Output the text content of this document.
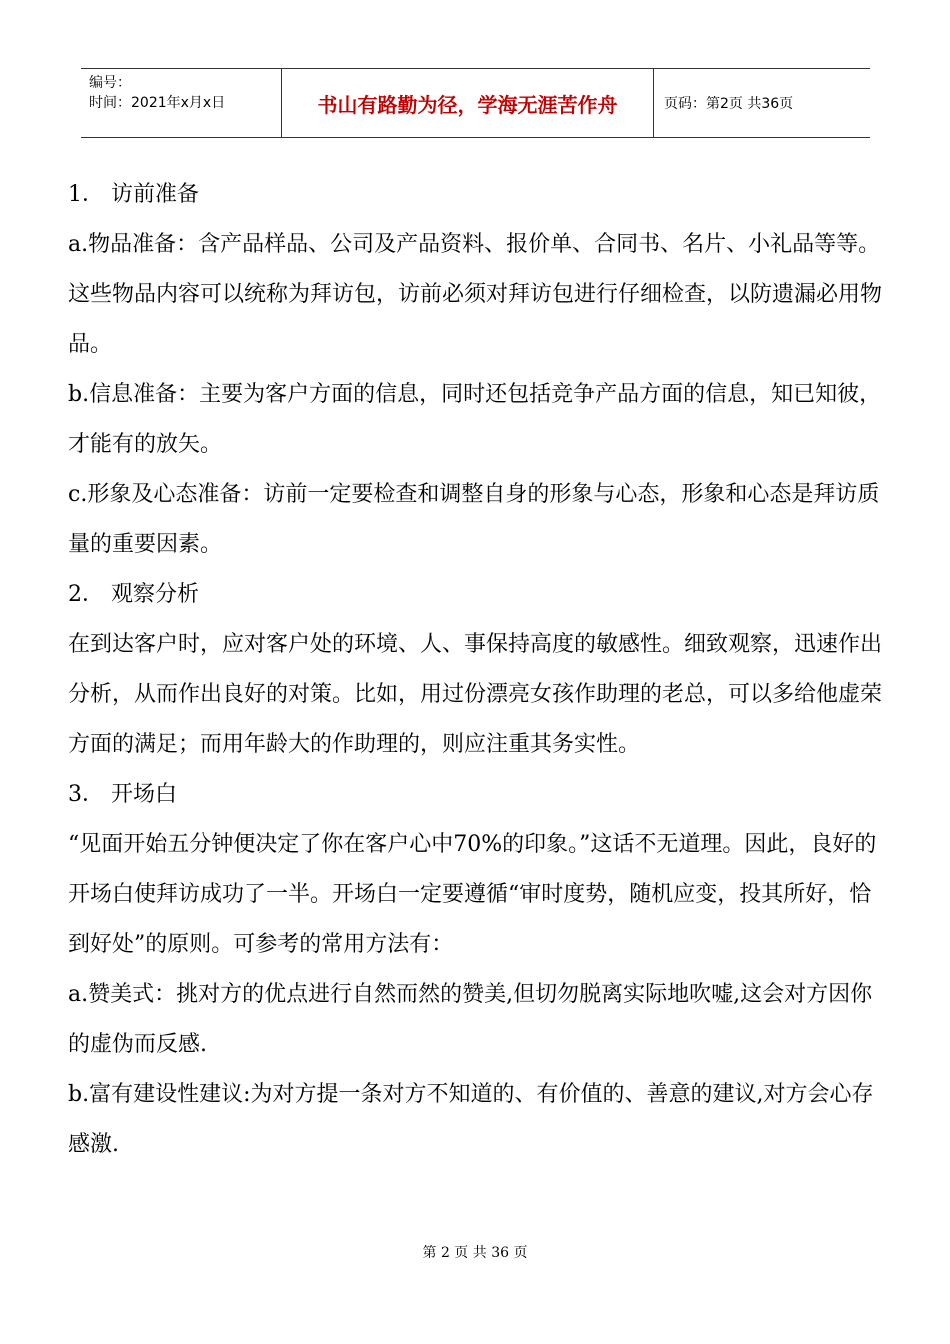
编号：
时间：2021年x月x日	书山有路勤为径，学海无涯苦作舟	页码：第2页 共36页

1． 访前准备

a.物品准备：含产品样品、公司及产品资料、报价单、合同书、名片、小礼品等等。这些物品内容可以统称为拜访包，访前必须对拜访包进行仔细检查，以防遗漏必用物品。

b.信息准备：主要为客户方面的信息，同时还包括竞争产品方面的信息，知已知彼，才能有的放矢。

c.形象及心态准备：访前一定要检查和调整自身的形象与心态，形象和心态是拜访质量的重要因素。

2． 观察分析

在到达客户时，应对客户处的环境、人、事保持高度的敏感性。细致观察，迅速作出分析，从而作出良好的对策。比如，用过份漂亮女孩作助理的老总，可以多给他虚荣方面的满足；而用年龄大的作助理的，则应注重其务实性。

3． 开场白

“见面开始五分钟便决定了你在客户心中70%的印象。”这话不无道理。因此，良好的开场白使拜访成功了一半。开场白一定要遵循“审时度势，随机应变，投其所好，恰到好处”的原则。可参考的常用方法有：

a.赞美式：挑对方的优点进行自然而然的赞美,但切勿脱离实际地吹嘘,这会对方因你的虚伪而反感.

b.富有建设性建议:为对方提一条对方不知道的、有价值的、善意的建议,对方会心存感激.

第 2 页 共 36 页
